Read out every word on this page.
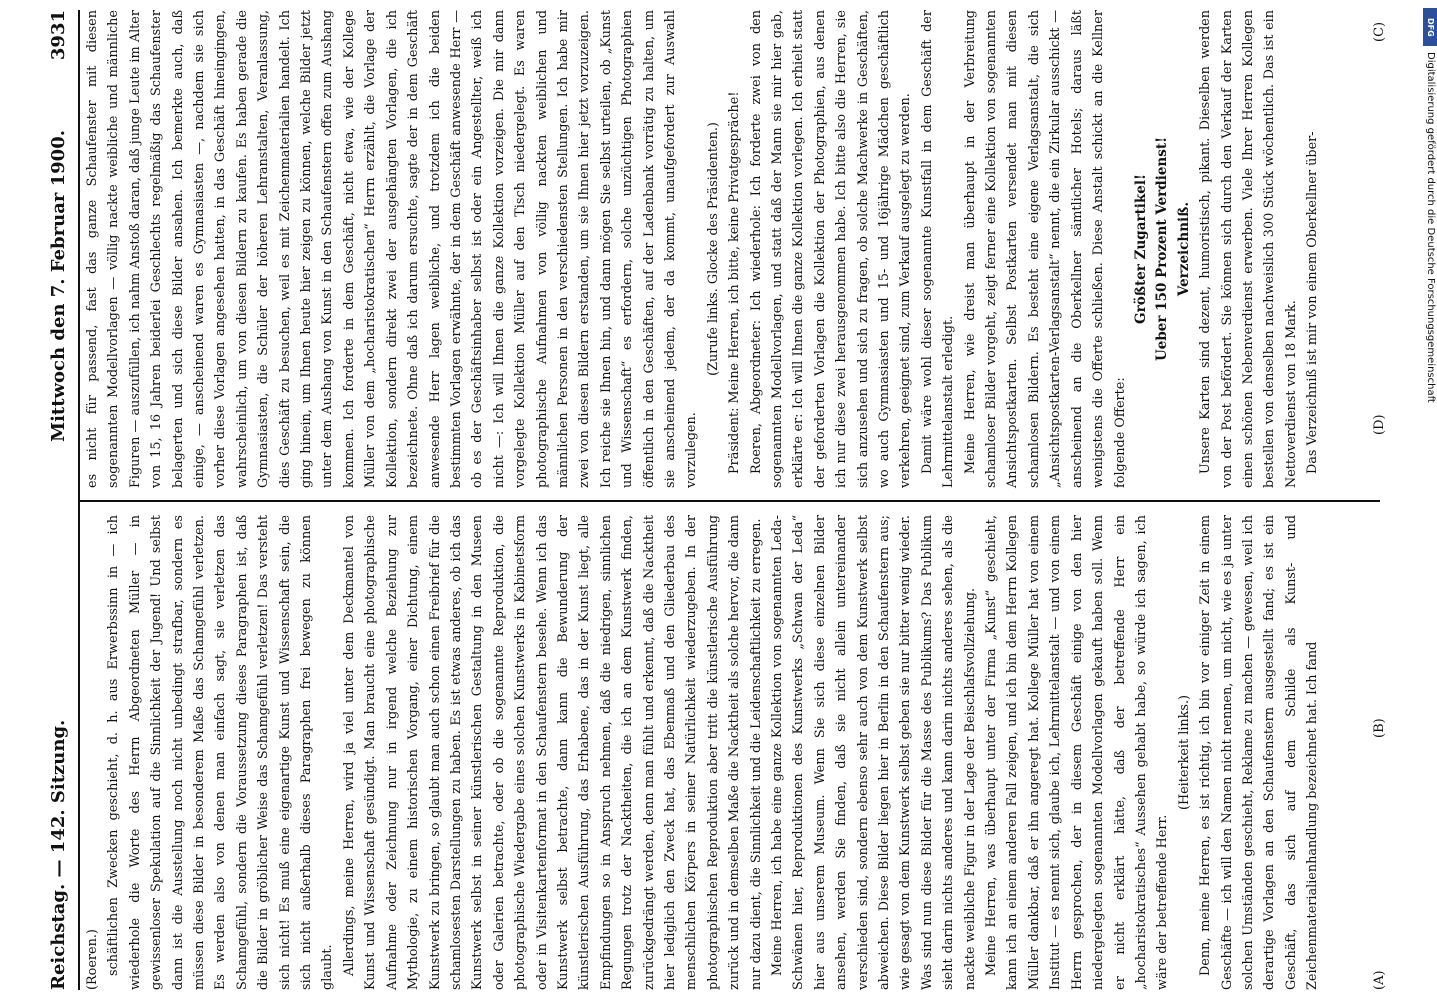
Reichstag. — 142. Sitzung.
Mittwoch den 7. Februar 1900.
3931

(Roeren.) schäftlichen Zwecken geschieht, d. h. aus Erwerbssinn in — ich wiederhole die Worte des Herrn Abgeordneten Müller — in gewissenloser Spekulation auf die Sinnlichkeit der Jugend! Und selbst dann ist die Ausstellung noch nicht unbedingt strafbar, sondern es müssen diese Bilder in besonderem Maße das Schamgefühl verletzen. Es werden also von denen man einfach sagt, sie verletzen das Schamgefühl, sondern die Voraussetzung dieses Paragraphen ist, daß die Bilder in gröblicher Weise das Schamgefühl verletzen! Das versteht sich nicht! Es muß eine eigenartige Kunst und Wissenschaft sein, die sich nicht außerhalb dieses Paragraphen frei bewegen zu können glaubt. Allerdings, meine Herren, wird ja viel unter dem Deckmantel von Kunst und Wissenschaft gesündigt. Man braucht eine photographische Aufnahme oder Zeichnung nur in irgend welche Beziehung zur Mythologie, zu einem historischen Vorgang, einer Dichtung, einem Kunstwerk zu bringen, so glaubt man auch schon einen Freibrief für die schamlosesten Darstellungen zu haben. Es ist etwas anderes, ob ich das Kunstwerk selbst in seiner künstlerischen Gestaltung in den Museen oder Galerien betrachte, oder ob die sogenannte Reproduktion, die photographische Wiedergabe eines solchen Kunstwerks in Kabinetsform oder in Visitenkartenformat in den Schaufenstern besehe. Wenn ich das Kunstwerk selbst betrachte, dann kann die Bewunderung der künstlerischen Ausführung, das Erhabene, das in der Kunst liegt, alle Empfindungen so in Anspruch nehmen, daß die niedrigen, sinnlichen Regungen trotz der Nacktheiten, die ich an dem Kunstwerk finden, zurückgedrängt werden, denn man fühlt und erkennt, daß die Nacktheit hier lediglich den Zweck hat, das Ebenmaß und den Gliederbau des menschlichen Körpers in seiner Natürlichkeit wiederzugeben. In der photographischen Reproduktion aber tritt die künstlerische Ausführung zurück und in demselben Maße die Nacktheit als solche hervor, die dann nur dazu dient, die Sinnlichkeit und die Leidenschaftlichkeit zu erregen. Meine Herren, ich habe eine ganze Kollektion von sogenannten Leda-Schwänen hier, Reproduktionen des Kunstwerks „Schwan der Leda“ hier aus unserem Museum. Wenn Sie sich diese einzelnen Bilder ansehen, werden Sie finden, daß sie nicht allein untereinander verschieden sind, sondern ebenso sehr auch von dem Kunstwerk selbst abweichen. Diese Bilder liegen hier in Berlin in den Schaufenstern aus; wie gesagt von dem Kunstwerk selbst geben sie nur bitter wenig wieder. Was sind nun diese Bilder für die Masse des Publikums? Das Publikum sieht darin nichts anderes und kann darin nichts anderes sehen, als die nackte weibliche Figur in der Lage der Beischlafsvollziehung. Meine Herren, was überhaupt unter der Firma „Kunst“ geschieht, kann ich an einem anderen Fall zeigen, und ich bin dem Herrn Kollegen Müller dankbar, daß er ihn angeregt hat. Kollege Müller hat von einem Institut — es nennt sich, glaube ich, Lehrmittelanstalt — und von einem Herrn gesprochen, der in diesem Geschäft einige von den hier niedergelegten sogenannten Modellvorlagen gekauft haben soll. Wenn er nicht erklärt hätte, daß der betreffende Herr ein „hocharistokratisches“ Aussehen gehabt habe, so würde ich sagen, ich wäre der betreffende Herr.

(Heiterkeit links.) Denn, meine Herren, es ist richtig, ich bin vor einiger Zeit in einem Geschäfte — ich will den Namen nicht nennen, um nicht, wie es ja unter solchen Umständen geschieht, Reklame zu machen — gewesen, weil ich derartige Vorlagen an den Schaufenstern ausgestellt fand; es ist ein Geschäft, das sich auf dem Schilde als Kunst- und Zeichenmaterialienhandlung bezeichnet hat. Ich fand

es nicht für passend, fast das ganze Schaufenster mit diesen sogenannten Modellvorlagen — völlig nackte weibliche und männliche Figuren — auszufüllen, ich nahm Anstoß daran, daß junge Leute im Alter von 15, 16 Jahren beiderlei Geschlechts regelmäßig das Schaufenster belagerten und sich diese Bilder ansahen. Ich bemerkte auch, daß einige, — anscheinend waren es Gymnasiasten —, nachdem sie sich vorher diese Vorlagen angesehen hatten, in das Geschäft hineingingen, wahrscheinlich, um von diesen Bildern zu kaufen. Es haben gerade die Gymnasiasten, die Schüler der höheren Lehranstalten, Veranlassung, dies Geschäft zu besuchen, weil es mit Zeichenmaterialien handelt. Ich ging hinein, um Ihnen heute hier zeigen zu können, welche Bilder jetzt unter dem Aushang von Kunst in den Schaufenstern offen zum Aushang kommen. Ich forderte in dem Geschäft, nicht etwa, wie der Kollege Müller von dem „hocharistokratischen“ Herrn erzählt, die Vorlage der Kollektion, sondern direkt zwei der ausgehängten Vorlagen, die ich bezeichnete. Ohne daß ich darum ersuchte, sagte der in dem Geschäft anwesende Herr lagen weibliche, und trotzdem ich die beiden bestimmten Vorlagen erwähnte, der in dem Geschäft anwesende Herr — ob es der Geschäftsinhaber selbst ist oder ein Angestellter, weiß ich nicht —: Ich will Ihnen die ganze Kollektion vorzeigen. Die mir dann vorgelegte Kollektion Müller auf den Tisch niedergelegt. Es waren photographische Aufnahmen von völlig nackten weiblichen und männlichen Personen in den verschiedensten Stellungen. Ich habe mir zwei von diesen Bildern erstanden, um sie Ihnen hier jetzt vorzuzeigen. Ich reiche sie Ihnen hin, und dann mögen Sie selbst urteilen, ob „Kunst und Wissenschaft“ es erfordern, solche unzüchtigen Photographien öffentlich in den Geschäften, auf der Ladenbank vorrätig zu halten, um sie anscheinend jedem, der da kommt, unaufgefordert zur Auswahl vorzulegen.

(Zurufe links. Glocke des Präsidenten.) Präsident: Meine Herren, ich bitte, keine Privatgespräche! Roeren, Abgeordneter: Ich wiederhole: Ich forderte zwei von den sogenannten Modellvorlagen, und statt daß der Mann sie mir hier gab, erklärte er: Ich will Ihnen die ganze Kollektion vorlegen. Ich erhielt statt der geforderten Vorlagen die Kollektion der Photographien, aus denen ich nur diese zwei herausgenommen habe. Ich bitte also die Herren, sie sich anzusehen und sich zu fragen, ob solche Machwerke in Geschäften, wo auch Gymnasiasten und 15- und 16jährige Mädchen geschäftlich verkehren, geeignet sind, zum Verkauf ausgelegt zu werden. Damit wäre wohl dieser sogenannte Kunstfall in dem Geschäft der Lehrmittelanstalt erledigt. Meine Herren, wie dreist man überhaupt in der Verbreitung schamloser Bilder vorgeht, zeigt ferner eine Kollektion von sogenannten Ansichtspostkarten. Selbst Postkarten versendet man mit diesen schamlosen Bildern. Es besteht eine eigene Verlagsanstalt, die sich „Ansichtspostkarten-Verlagsanstalt“ nennt, die ein Zirkular ausschickt — anscheinend an die Oberkellner sämtlicher Hotels; daraus läßt wenigstens die Offerte schließen. Diese Anstalt schickt an die Kellner folgende Offerte:

Größter Zugartikel! Ueber 150 Prozent Verdienst! Verzeichniß. Unsere Karten sind dezent, humoristisch, pikant. Dieselben werden von der Post befördert. Sie können sich durch den Verkauf der Karten einen schönen Nebenverdienst erwerben. Viele Ihrer Herren Kollegen bestellen von denselben nachweislich 300 Stück wöchentlich. Das ist ein Nettoverdienst von 18 Mark. Das Verzeichniß ist mir von einem Oberkellner über-

(A)
(B)
(C)
(D)
DFG
Digitalisierung gefördert durch die Deutsche Forschungsgemeinschaft
